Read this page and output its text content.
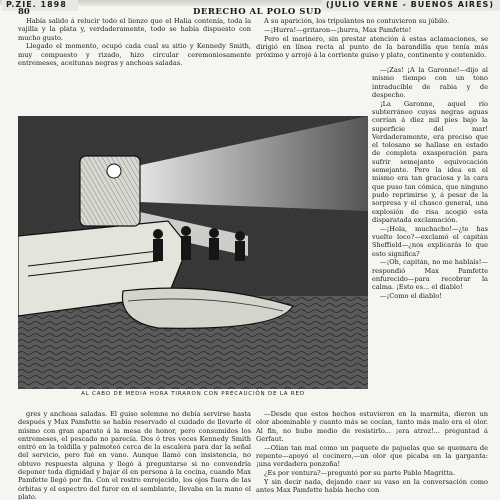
P.ZIE. 1898	(JULIO VERNE - BUENOS AIRES)
80	DERECHO AL POLO SUD

Había salido á relucir todo el lienzo que el Halia contenía, toda la vajilla y la plata y, verdaderamente, todo se había dispuesto con mucho gusto.

Llegado el momento, ocupó cada cual su sitio y Kennedy Smith, muy compuesto y rizado, hizo circular ceremoniosamente entremeses, aceitunas negras y anchoas saladas.

A su aparición, los tripulantes no contuvieron su júbilo.

—¡Hurra!—gritaron—¡hurra, Max Pamfette!

Pero el marinero, sin prestar atención á estas aclamaciones, se dirigió en línea recta al punto de la barandilla que tenía más próximo y arrojó á la corriente guiso y plato, continente y contenido.

—¡Zas! ¡A la Garonne!—dijo al mismo tiempo con un tono intraducible de rabia y de despecho.

¡La Garonne, aquel río subterráneo cuyas negras aguas corrían á diez mil pies bajo la superficie del mar! Verdaderamente, era preciso que el tolosano se hallase en estado de completa exasperación para sufrir semejante equivocación semejante. Pero la idea en el mismo era tan graciosa y la cara que puso tan cómica, que ninguno pudo reprimirse y, á pesar de la sorpresa y el chasco general, una explosión de risa acogió esta disparatada exclamación.

—¡Hola, muchacho!—¿te has vuelto loco?—exclamó el capitán Sheffield—¿nos explicarás lo que esto significa?

—¡Oh, capitán, no me hablaís!—respondió Max Pamfette enfurecido—para recobrar la calma. ¡Esto es... el diablo!

—¡Como el diablo!

AL CABO DE MEDIA HORA TIRARON CON PRECAUCIÓN DE LA RED

gres y anchoas saladas. El guiso solemne no debía servirse hasta después y Max Pamfette se había reservado el cuidado de llevarle él mismo con gran aparato á la mesa de honor, pero consumidos los entremeses, el pescado no parecía. Dos ó tres veces Kennedy Smith entró en la toldilla y palmoteó cerca de la escalera para dar la señal del servicio, pero fué en vano. Aunque llamó con insistencia, no obtuvo respuesta alguna y llegó á preguntarse si no convendría deponer toda dignidad y bajar él en persona á la cocina, cuando Max Pamfette llegó por fin. Con el rostro enrojecido, los ojos fuera de las órbitas y el espectro del furor en el semblante, llevaba en la mano el plato.

—Desde que estos hechos estuvieron en la marmita, dieron un olor abominable y cuanto más se cocían, tanto más malo era el olor. Al fin, no hubo medio de resistirlo... ¡era atroz!... preguntad á Gerfaut.

—Olían tan mal como un paquete de pajuelas que se quemara de repente—apoyó el cocinero,—un olor que picaba en la garganta: ¡una verdadera ponzoña!

¿Es por ventura?—preguntó por su parte Pablo Magritta.

Y sin decir nada, dejando caer su vaso en la conversación como antes Max Pamfette había hecho con
